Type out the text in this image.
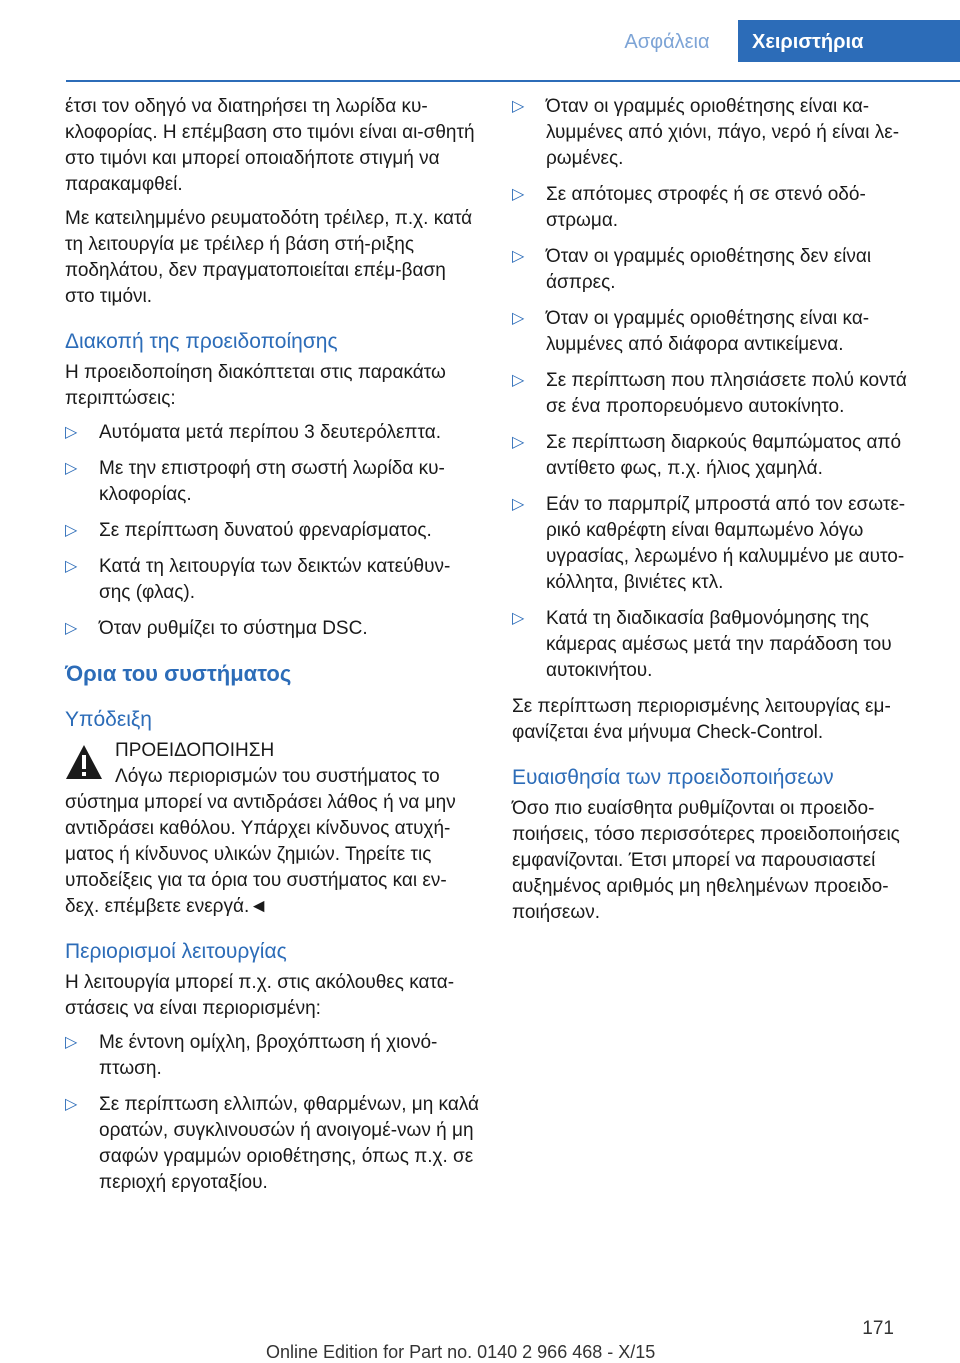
Ασφάλεια	Χειριστήρια

έτσι τον οδηγό να διατηρήσει τη λωρίδα κυ-κλοφορίας. Η επέμβαση στο τιμόνι είναι αι-σθητή στο τιμόνι και μπορεί οποιαδήποτε στιγμή να παρακαμφθεί.

Με κατειλημμένο ρευματοδότη τρέιλερ, π.χ. κατά τη λειτουργία με τρέιλερ ή βάση στή-ριξης ποδηλάτου, δεν πραγματοποιείται επέμ-βαση στο τιμόνι.

Διακοπή της προειδοποίησης

Η προειδοποίηση διακόπτεται στις παρακάτω περιπτώσεις:

▷ Αυτόματα μετά περίπου 3 δευτερόλεπτα.
▷ Με την επιστροφή στη σωστή λωρίδα κυ-κλοφορίας.
▷ Σε περίπτωση δυνατού φρεναρίσματος.
▷ Κατά τη λειτουργία των δεικτών κατεύθυν-σης (φλας).
▷ Όταν ρυθμίζει το σύστημα DSC.
Όρια του συστήματος
Υπόδειξη
ΠΡΟΕΙΔΟΠΟΙΗΣΗ

Λόγω περιορισμών του συστήματος το σύστημα μπορεί να αντιδράσει λάθος ή να μην αντιδράσει καθόλου. Υπάρχει κίνδυνος ατυχή-ματος ή κίνδυνος υλικών ζημιών. Τηρείτε τις υποδείξεις για τα όρια του συστήματος και εν-δεχ. επέμβετε ενεργά.◄

Περιορισμοί λειτουργίας

Η λειτουργία μπορεί π.χ. στις ακόλουθες κατα-στάσεις να είναι περιορισμένη:

▷ Με έντονη ομίχλη, βροχόπτωση ή χιονό-πτωση.
▷ Σε περίπτωση ελλιπών, φθαρμένων, μη καλά ορατών, συγκλινουσών ή ανοιγομέ-νων ή μη σαφών γραμμών οριοθέτησης, όπως π.χ. σε περιοχή εργοταξίου.
▷ Όταν οι γραμμές οριοθέτησης είναι κα-λυμμένες από χιόνι, πάγο, νερό ή είναι λε-ρωμένες.
▷ Σε απότομες στροφές ή σε στενό οδό-στρωμα.
▷ Όταν οι γραμμές οριοθέτησης δεν είναι άσπρες.
▷ Όταν οι γραμμές οριοθέτησης είναι κα-λυμμένες από διάφορα αντικείμενα.
▷ Σε περίπτωση που πλησιάσετε πολύ κοντά σε ένα προπορευόμενο αυτοκίνητο.
▷ Σε περίπτωση διαρκούς θαμπώματος από αντίθετο φως, π.χ. ήλιος χαμηλά.
▷ Εάν το παρμπρίζ μπροστά από τον εσωτε-ρικό καθρέφτη είναι θαμπωμένο λόγω υγρασίας, λερωμένο ή καλυμμένο με αυτο-κόλλητα, βινιέτες κτλ.
▷ Κατά τη διαδικασία βαθμονόμησης της κάμερας αμέσως μετά την παράδοση του αυτοκινήτου.

Σε περίπτωση περιορισμένης λειτουργίας εμ-φανίζεται ένα μήνυμα Check-Control.

Ευαισθησία των προειδοποιήσεων

Όσο πιο ευαίσθητα ρυθμίζονται οι προειδο-ποιήσεις, τόσο περισσότερες προειδοποιήσεις εμφανίζονται. Έτσι μπορεί να παρουσιαστεί αυξημένος αριθμός μη ηθελημένων προειδο-ποιήσεων.

171
Online Edition for Part no. 0140 2 966 468 - X/15
